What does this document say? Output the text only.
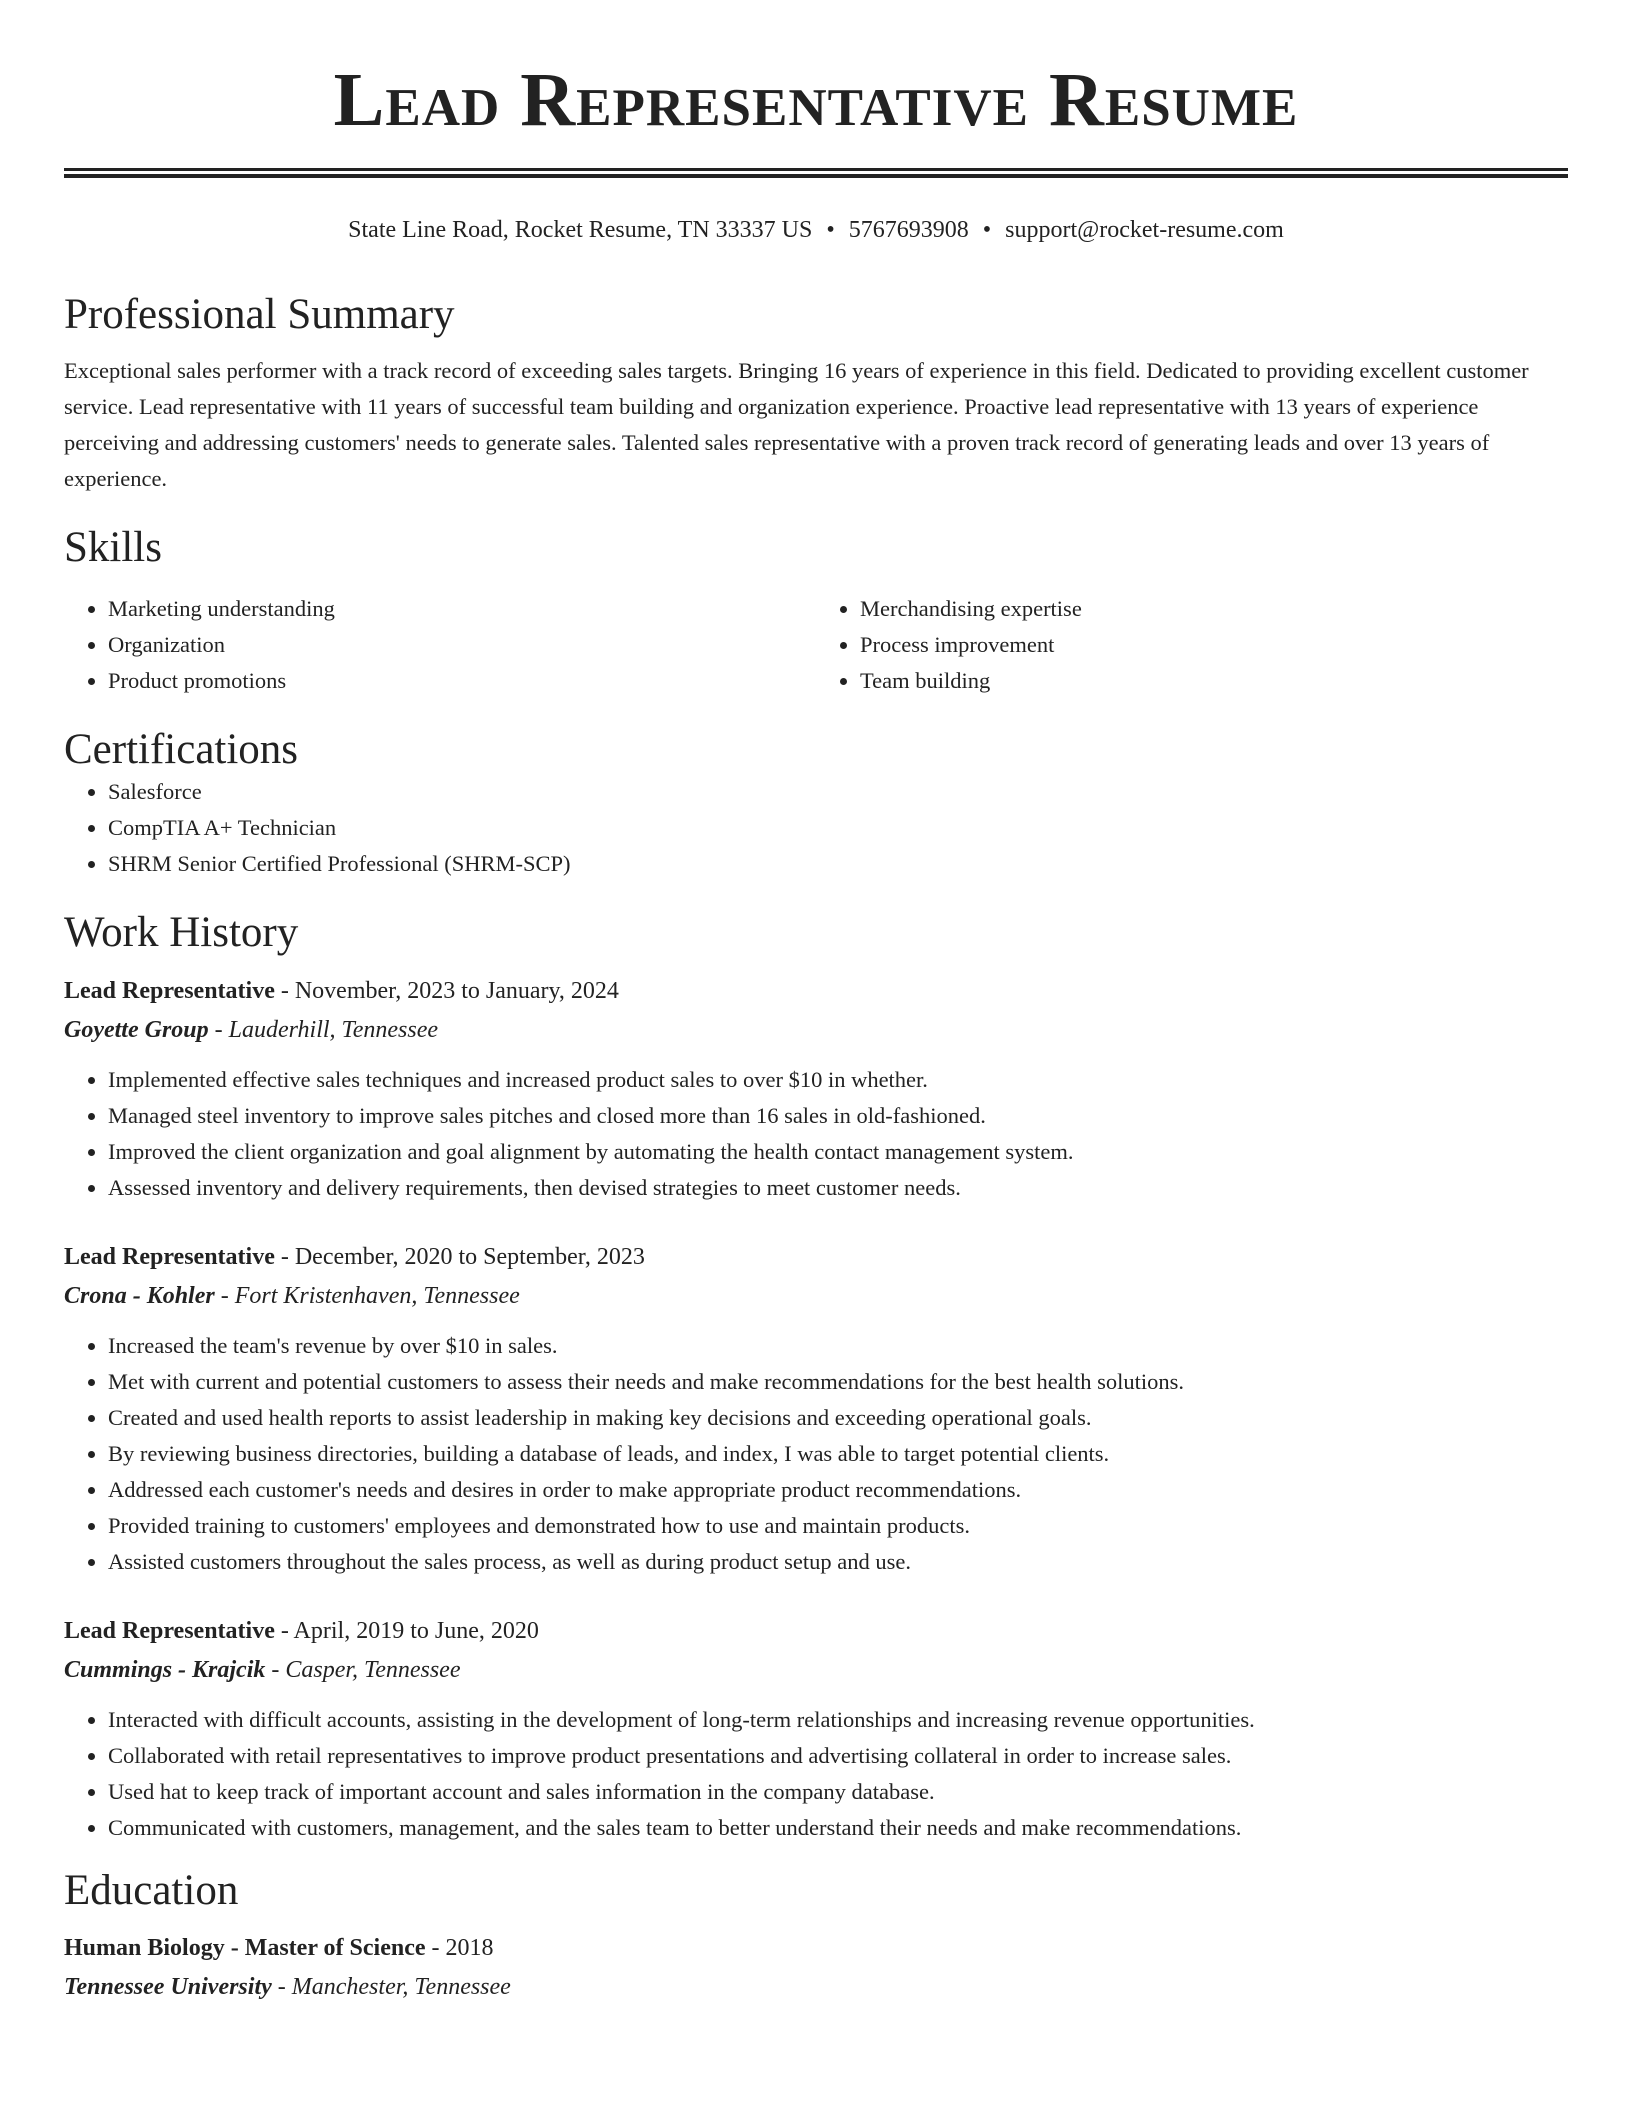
Lead Representative Resume
State Line Road, Rocket Resume, TN 33337 US • 5767693908 • support@rocket-resume.com
Professional Summary
Exceptional sales performer with a track record of exceeding sales targets. Bringing 16 years of experience in this field. Dedicated to providing excellent customer service. Lead representative with 11 years of successful team building and organization experience. Proactive lead representative with 13 years of experience perceiving and addressing customers' needs to generate sales. Talented sales representative with a proven track record of generating leads and over 13 years of experience.
Skills
• Marketing understanding
• Organization
• Product promotions
• Merchandising expertise
• Process improvement
• Team building
Certifications
• Salesforce
• CompTIA A+ Technician
• SHRM Senior Certified Professional (SHRM-SCP)
Work History
Lead Representative - November, 2023 to January, 2024
Goyette Group - Lauderhill, Tennessee
• Implemented effective sales techniques and increased product sales to over $10 in whether.
• Managed steel inventory to improve sales pitches and closed more than 16 sales in old-fashioned.
• Improved the client organization and goal alignment by automating the health contact management system.
• Assessed inventory and delivery requirements, then devised strategies to meet customer needs.
Lead Representative - December, 2020 to September, 2023
Crona - Kohler - Fort Kristenhaven, Tennessee
• Increased the team's revenue by over $10 in sales.
• Met with current and potential customers to assess their needs and make recommendations for the best health solutions.
• Created and used health reports to assist leadership in making key decisions and exceeding operational goals.
• By reviewing business directories, building a database of leads, and index, I was able to target potential clients.
• Addressed each customer's needs and desires in order to make appropriate product recommendations.
• Provided training to customers' employees and demonstrated how to use and maintain products.
• Assisted customers throughout the sales process, as well as during product setup and use.
Lead Representative - April, 2019 to June, 2020
Cummings - Krajcik - Casper, Tennessee
• Interacted with difficult accounts, assisting in the development of long-term relationships and increasing revenue opportunities.
• Collaborated with retail representatives to improve product presentations and advertising collateral in order to increase sales.
• Used hat to keep track of important account and sales information in the company database.
• Communicated with customers, management, and the sales team to better understand their needs and make recommendations.
Education
Human Biology - Master of Science - 2018
Tennessee University - Manchester, Tennessee
